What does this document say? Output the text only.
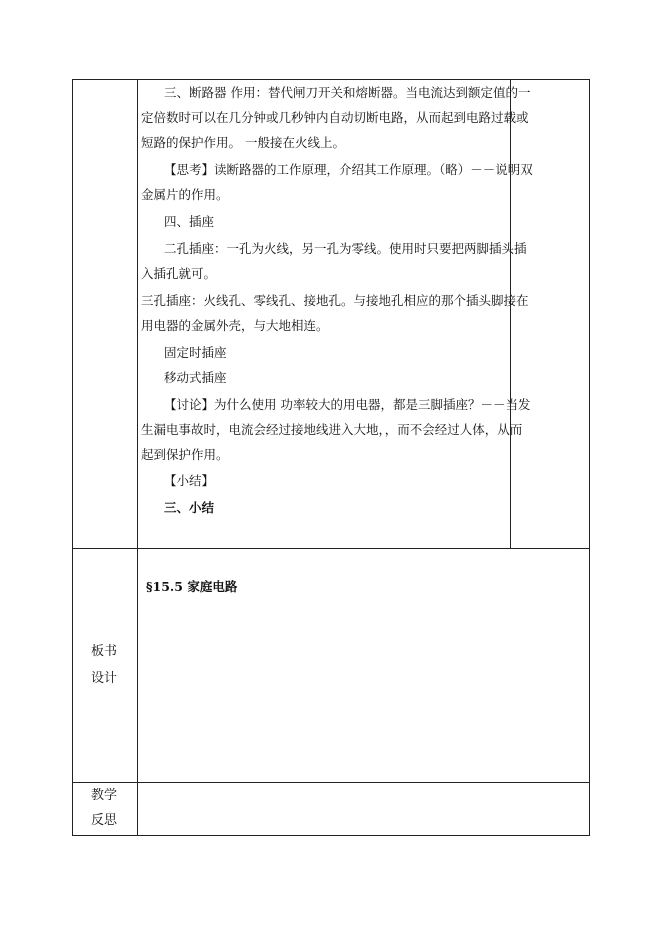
三、断路器 作用：替代闸刀开关和熔断器。当电流达到额定值的一
定倍数时可以在几分钟或几秒钟内自动切断电路，从而起到电路过载或
短路的保护作用。 一般接在火线上。
【思考】读断路器的工作原理，介绍其工作原理。（略）－－说明双
金属片的作用。
四、插座
二孔插座：一孔为火线，另一孔为零线。使用时只要把两脚插头插
入插孔就可。
三孔插座：火线孔、零线孔、接地孔。与接地孔相应的那个插头脚接在
用电器的金属外壳，与大地相连。
固定时插座
移动式插座
【讨论】为什么使用 功率较大的用电器，都是三脚插座？－－当发
生漏电事故时，电流会经过接地线进入大地，，而不会经过人体，从而
起到保护作用。
【小结】
三、小结
板书
设计
§15.5 家庭电路
教学
反思
